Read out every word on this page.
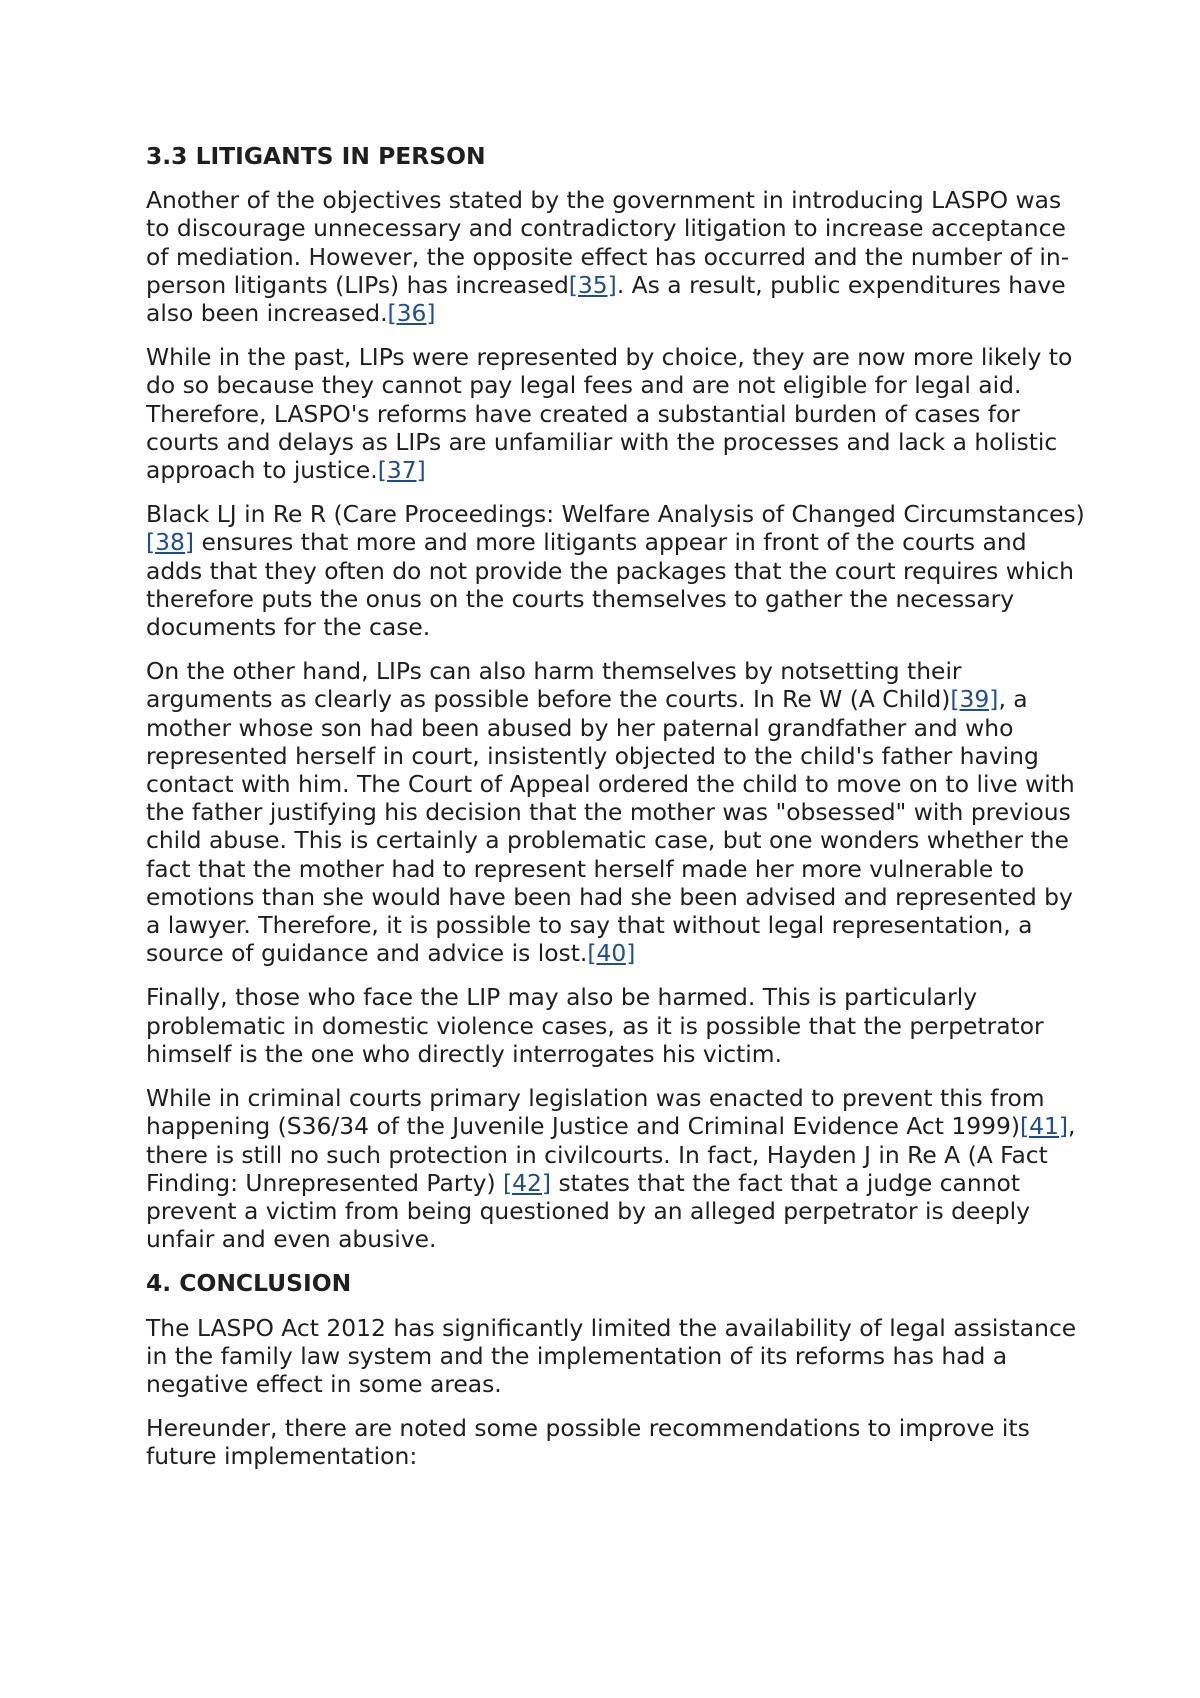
3.3 LITIGANTS IN PERSON

Another of the objectives stated by the government in introducing LASPO was to discourage unnecessary and contradictory litigation to increase acceptance of mediation. However, the opposite effect has occurred and the number of in-person litigants (LIPs) has increased[35]. As a result, public expenditures have also been increased.[36]

While in the past, LIPs were represented by choice, they are now more likely to do so because they cannot pay legal fees and are not eligible for legal aid. Therefore, LASPO's reforms have created a substantial burden of cases for courts and delays as LIPs are unfamiliar with the processes and lack a holistic approach to justice.[37]

Black LJ in Re R (Care Proceedings: Welfare Analysis of Changed Circumstances)[38] ensures that more and more litigants appear in front of the courts and adds that they often do not provide the packages that the court requires which therefore puts the onus on the courts themselves to gather the necessary documents for the case.

On the other hand, LIPs can also harm themselves by notsetting their arguments as clearly as possible before the courts. In Re W (A Child)[39], a mother whose son had been abused by her paternal grandfather and who represented herself in court, insistently objected to the child's father having contact with him. The Court of Appeal ordered the child to move on to live with the father justifying his decision that the mother was "obsessed" with previous child abuse. This is certainly a problematic case, but one wonders whether the fact that the mother had to represent herself made her more vulnerable to emotions than she would have been had she been advised and represented by a lawyer. Therefore, it is possible to say that without legal representation, a source of guidance and advice is lost.[40]

Finally, those who face the LIP may also be harmed. This is particularly problematic in domestic violence cases, as it is possible that the perpetrator himself is the one who directly interrogates his victim.

While in criminal courts primary legislation was enacted to prevent this from happening (S36/34 of the Juvenile Justice and Criminal Evidence Act 1999)[41], there is still no such protection in civilcourts. In fact, Hayden J in Re A (A Fact Finding: Unrepresented Party) [42] states that the fact that a judge cannot prevent a victim from being questioned by an alleged perpetrator is deeply unfair and even abusive.

4. CONCLUSION

The LASPO Act 2012 has significantly limited the availability of legal assistance in the family law system and the implementation of its reforms has had a negative effect in some areas.

Hereunder, there are noted some possible recommendations to improve its future implementation:
